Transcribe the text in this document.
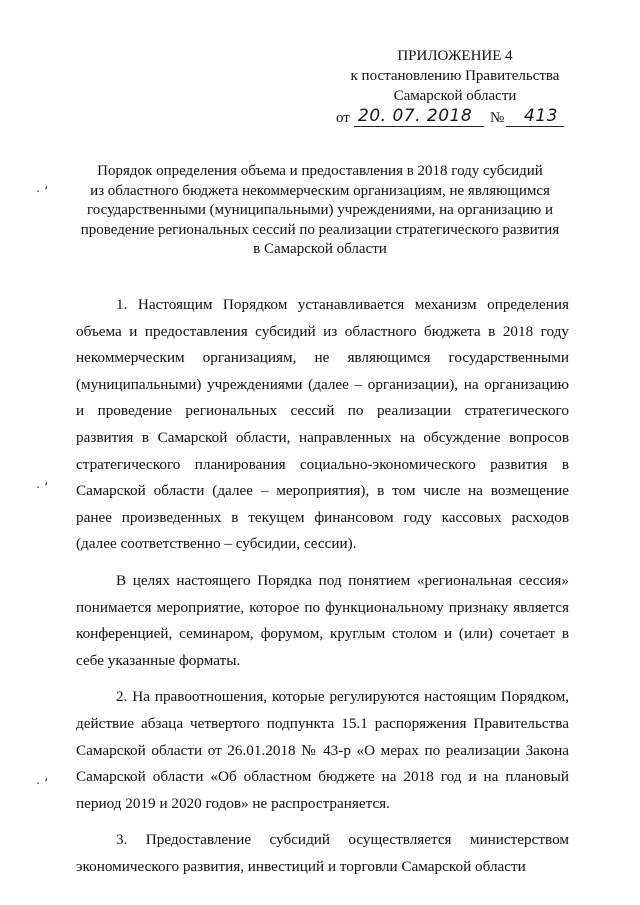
ПРИЛОЖЕНИЕ 4
к постановлению Правительства
Самарской области
от 20. 07. 2018 № 413
Порядок определения объема и предоставления в 2018 году субсидий
из областного бюджета некоммерческим организациям, не являющимся
государственными (муниципальными) учреждениями, на организацию и
проведение региональных сессий по реализации стратегического развития
в Самарской области

1. Настоящим Порядком устанавливается механизм определения объема и предоставления субсидий из областного бюджета в 2018 году некоммерческим организациям, не являющимся государственными (муниципальными) учреждениями (далее – организации), на организацию и проведение региональных сессий по реализации стратегического развития в Самарской области, направленных на обсуждение вопросов стратегического планирования социально-экономического развития в Самарской области (далее – мероприятия), в том числе на возмещение ранее произведенных в текущем финансовом году кассовых расходов (далее соответственно – субсидии, сессии).

В целях настоящего Порядка под понятием «региональная сессия» понимается мероприятие, которое по функциональному признаку является конференцией, семинаром, форумом, круглым столом и (или) сочетает в себе указанные форматы.

2. На правоотношения, которые регулируются настоящим Порядком, действие абзаца четвертого подпункта 15.1 распоряжения Правительства Самарской области от 26.01.2018 № 43-р «О мерах по реализации Закона Самарской области «Об областном бюджете на 2018 год и на плановый период 2019 и 2020 годов» не распространяется.

3. Предоставление субсидий осуществляется министерством экономического развития, инвестиций и торговли Самарской области

· ‘
· ‘
· ‘
